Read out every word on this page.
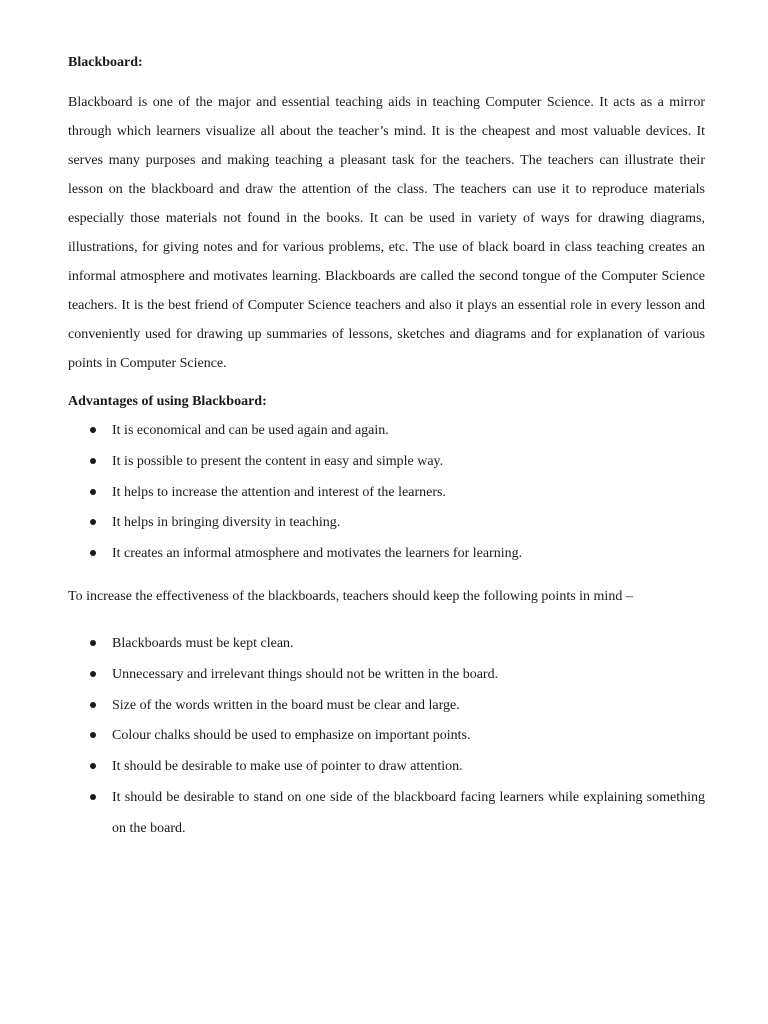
Blackboard:

Blackboard is one of the major and essential teaching aids in teaching Computer Science. It acts as a mirror through which learners visualize all about the teacher’s mind. It is the cheapest and most valuable devices. It serves many purposes and making teaching a pleasant task for the teachers. The teachers can illustrate their lesson on the blackboard and draw the attention of the class. The teachers can use it to reproduce materials especially those materials not found in the books. It can be used in variety of ways for drawing diagrams, illustrations, for giving notes and for various problems, etc. The use of black board in class teaching creates an informal atmosphere and motivates learning. Blackboards are called the second tongue of the Computer Science teachers. It is the best friend of Computer Science teachers and also it plays an essential role in every lesson and conveniently used for drawing up summaries of lessons, sketches and diagrams and for explanation of various points in Computer Science.

Advantages of using Blackboard:

It is economical and can be used again and again.
It is possible to present the content in easy and simple way.
It helps to increase the attention and interest of the learners.
It helps in bringing diversity in teaching.
It creates an informal atmosphere and motivates the learners for learning.

To increase the effectiveness of the blackboards, teachers should keep the following points in mind –

Blackboards must be kept clean.
Unnecessary and irrelevant things should not be written in the board.
Size of the words written in the board must be clear and large.
Colour chalks should be used to emphasize on important points.
It should be desirable to make use of pointer to draw attention.
It should be desirable to stand on one side of the blackboard facing learners while explaining something on the board.
